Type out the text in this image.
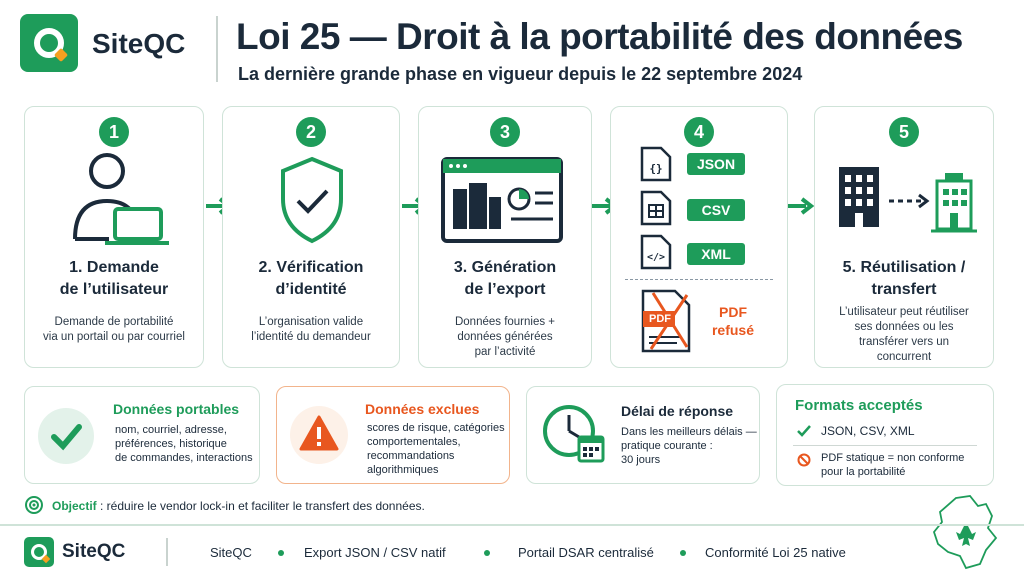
SiteQC Loi 25 — Droit à la portabilité des données
La dernière grande phase en vigueur depuis le 22 septembre 2024
1
1. Demande
de l’utilisateur
Demande de portabilité
via un portail ou par courriel
2
2. Vérification
d’identité
L’organisation valide
l’identité du demandeur
3
3. Génération
de l’export
Données fournies +
données générées
par l’activité
4
{}	JSON
CSV
</>	XML
PDF	PDF
refusé
5
5. Réutilisation /
transfert
L’utilisateur peut réutiliser
ses données ou les
transférer vers un
concurrent
Données portables
nom, courriel, adresse,
préférences, historique
de commandes, interactions
Données exclues
scores de risque, catégories
comportementales,
recommandations
algorithmiques
Délai de réponse
Dans les meilleurs délais —
pratique courante :
30 jours
Formats acceptés
JSON, CSV, XML
PDF statique = non conforme
pour la portabilité
Objectif : réduire le vendor lock-in et faciliter le transfert des données.
SiteQC	SiteQC	Export JSON / CSV natif	Portail DSAR centralisé	Conformité Loi 25 native
